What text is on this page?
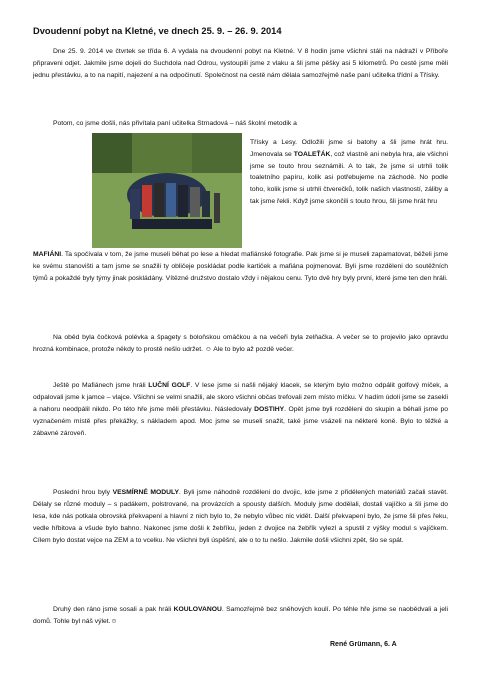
Dvoudenní pobyt na Kletné, ve dnech 25. 9. – 26. 9. 2014

Dne 25. 9. 2014 ve čtvrtek se třída 6. A vydala na dvoudenní pobyt na Kletné. V 8 hodin jsme všichni stáli na nádraží v Příboře připraveni odjet. Jakmile jsme dojeli do Suchdola nad Odrou, vystoupili jsme z vlaku a šli jsme pěšky asi 5 kilometrů. Po cestě jsme měli jednu přestávku, a to na napití, najezení a na odpočinutí. Společnost na cestě nám dělala samozřejmě naše paní učitelka třídní a Třísky.

Potom, co jsme došli, nás přivítala paní učitelka Strnadová – náš školní metodik a

Třísky a Lesy. Odložili jsme si batohy a šli jsme hrát hru. Jmenovala se TOALEŤÁK, což vlastně ani nebyla hra, ale všichni jsme se touto hrou seznámili. A to tak, že jsme si utrhli tolik toaletního papíru, kolik asi potřebujeme na záchodě. No podle toho, kolik jsme si utrhli čtverečků, tolik našich vlastností, záliby a tak jsme řekli. Když jsme skončili s touto hrou, šli jsme hrát hru

MAFIÁNI. Ta spočívala v tom, že jsme museli běhat po lese a hledat mafiánské fotografie. Pak jsme si je museli zapamatovat, běželi jsme ke svému stanovišti a tam jsme se snažili ty obličeje poskládat podle kartiček a mafiána pojmenovat. Byli jsme rozděleni do soutěžních týmů a pokaždé byly týmy jinak poskládány. Vítězné družstvo dostalo vždy i nějakou cenu. Tyto dvě hry byly první, které jsme ten den hráli.

Na oběd byla čočková polévka a špagety s boloňskou omáčkou a na večeři byla zelňačka. A večer se to projevilo jako opravdu hrozná kombinace, protože někdy to prostě nešlo udržet. ☺ Ale to bylo až pozdě večer.

Ještě po Mafiánech jsme hráli LUČNÍ GOLF. V lese jsme si našli nějaký klacek, se kterým bylo možno odpálit golfový míček, a odpalovali jsme k jamce – vlajce. Všichni se velmi snažili, ale skoro všichni občas trefovali zem místo míčku. V hadím údolí jsme se zasekli a nahoru neodpálil nikdo. Po této hře jsme měli přestávku. Následovaly DOSTIHY. Opět jsme byli rozděleni do skupin a běhali jsme po vyznačeném místě přes překážky, s nákladem apod. Moc jsme se museli snažit, také jsme vsázeli na některé koně. Bylo to těžké a zábavné zároveň.

Poslední hrou byly VESMÍRNÉ MODULY. Byli jsme náhodně rozděleni do dvojic, kde jsme z přidělených materiálů začali stavět. Dělaly se různé moduly – s padákem, polstrované, na provázcích a spousty dalších. Moduly jsme dodělali, dostali vajíčko a šli jsme do lesa, kde nás potkala obrovská překvapení a hlavní z nich bylo to, že nebylo vůbec nic vidět. Další překvapení bylo, že jsme šli přes řeku, vedle hřbitova a všude bylo bahno. Nakonec jsme došli k žebříku, jeden z dvojice na žebřík vylezl a spustil z výšky modul s vajíčkem. Cílem bylo dostat vejce na ZEM a to vcelku. Ne všichni byli úspěšní, ale o to tu nešlo. Jakmile došli všichni zpět, šlo se spát.

Druhý den ráno jsme sosali a pak hráli KOULOVANOU. Samozřejmě bez sněhových koulí. Po téhle hře jsme se naobědvali a jeli domů. Tohle byl náš výlet.☺

René Grümann, 6. A
